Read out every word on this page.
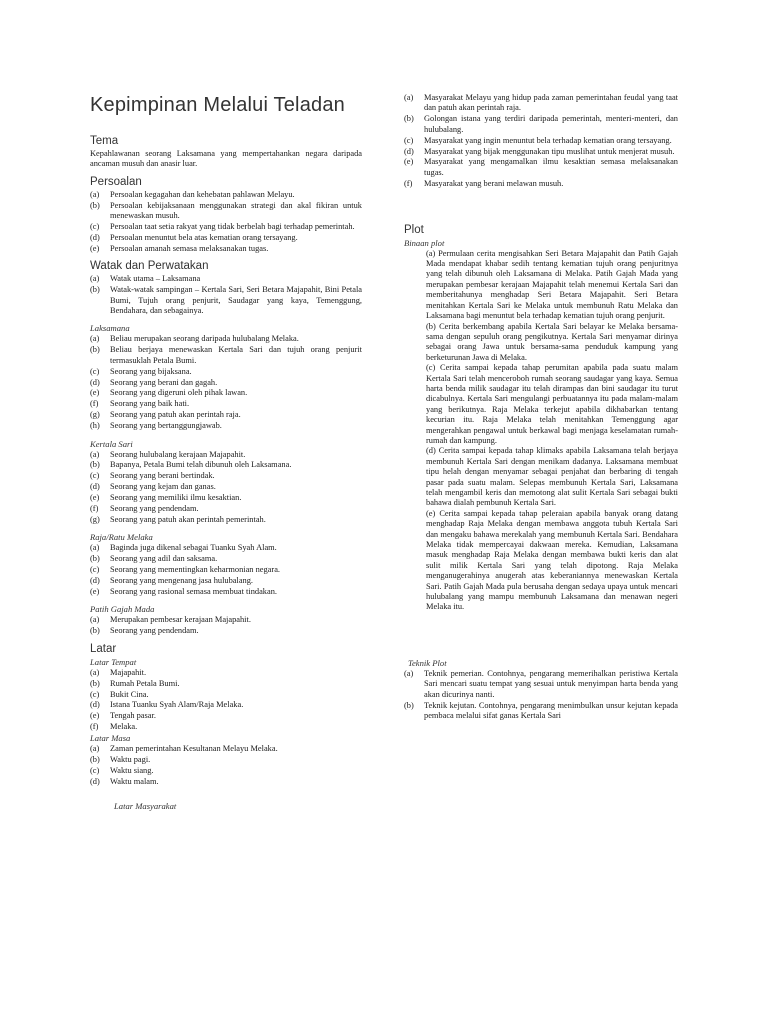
Kepimpinan Melalui Teladan
Tema

Kepahlawanan seorang Laksamana yang mempertahankan negara daripada ancaman musuh dan anasir luar.

Persoalan
(a) Persoalan kegagahan dan kehebatan pahlawan Melayu.
(b) Persoalan kebijaksanaan menggunakan strategi dan akal fikiran untuk menewaskan musuh.
(c) Persoalan taat setia rakyat yang tidak berbelah bagi terhadap pemerintah.
(d) Persoalan menuntut bela atas kematian orang tersayang.
(e) Persoalan amanah semasa melaksanakan tugas.
Watak dan Perwatakan
(a) Watak utama – Laksamana
(b) Watak-watak sampingan – Kertala Sari, Seri Betara Majapahit, Bini Petala Bumi, Tujuh orang penjurit, Saudagar yang kaya, Temenggung, Bendahara, dan sebagainya.
Laksamana
(a) Beliau merupakan seorang daripada hulubalang Melaka.
(b) Beliau berjaya menewaskan Kertala Sari dan tujuh orang penjurit termasuklah Petala Bumi.
(c) Seorang yang bijaksana.
(d) Seorang yang berani dan gagah.
(e) Seorang yang digeruni oleh pihak lawan.
(f) Seorang yang baik hati.
(g) Seorang yang patuh akan perintah raja.
(h) Seorang yang bertanggungjawab.
Kertala Sari
(a) Seorang hulubalang kerajaan Majapahit.
(b) Bapanya, Petala Bumi telah dibunuh oleh Laksamana.
(c) Seorang yang berani bertindak.
(d) Seorang yang kejam dan ganas.
(e) Seorang yang memiliki ilmu kesaktian.
(f) Seorang yang pendendam.
(g) Seorang yang patuh akan perintah pemerintah.
Raja/Ratu Melaka
(a) Baginda juga dikenal sebagai Tuanku Syah Alam.
(b) Seorang yang adil dan saksama.
(c) Seorang yang mementingkan keharmonian negara.
(d) Seorang yang mengenang jasa hulubalang.
(e) Seorang yang rasional semasa membuat tindakan.
Patih Gajah Mada
(a) Merupakan pembesar kerajaan Majapahit.
(b) Seorang yang pendendam.
Latar
Latar Tempat
(a) Majapahit.
(b) Rumah Petala Bumi.
(c) Bukit Cina.
(d) Istana Tuanku Syah Alam/Raja Melaka.
(e) Tengah pasar.
(f) Melaka.
Latar Masa
(a) Zaman pemerintahan Kesultanan Melayu Melaka.
(b) Waktu pagi.
(c) Waktu siang.
(d) Waktu malam.
Latar Masyarakat
(a) Masyarakat Melayu yang hidup pada zaman pemerintahan feudal yang taat dan patuh akan perintah raja.
(b) Golongan istana yang terdiri daripada pemerintah, menteri-menteri, dan hulubalang.
(c) Masyarakat yang ingin menuntut bela terhadap kematian orang tersayang.
(d) Masyarakat yang bijak menggunakan tipu muslihat untuk menjerat musuh.
(e) Masyarakat yang mengamalkan ilmu kesaktian semasa melaksanakan tugas.
(f) Masyarakat yang berani melawan musuh.
Plot
Binaan plot

(a) Permulaan cerita mengisahkan Seri Betara Majapahit dan Patih Gajah Mada mendapat khabar sedih tentang kematian tujuh orang penjuritnya yang telah dibunuh oleh Laksamana di Melaka. Patih Gajah Mada yang merupakan pembesar kerajaan Majapahit telah menemui Kertala Sari dan memberitahunya menghadap Seri Betara Majapahit. Seri Betara menitahkan Kertala Sari ke Melaka untuk membunuh Ratu Melaka dan Laksamana bagi menuntut bela terhadap kematian tujuh orang penjurit.

(b) Cerita berkembang apabila Kertala Sari belayar ke Melaka bersama-sama dengan sepuluh orang pengikutnya. Kertala Sari menyamar dirinya sebagai orang Jawa untuk bersama-sama penduduk kampung yang berketurunan Jawa di Melaka.

(c) Cerita sampai kepada tahap perumitan apabila pada suatu malam Kertala Sari telah menceroboh rumah seorang saudagar yang kaya. Semua harta benda milik saudagar itu telah dirampas dan bini saudagar itu turut dicabulnya. Kertala Sari mengulangi perbuatannya itu pada malam-malam yang berikutnya. Raja Melaka terkejut apabila dikhabarkan tentang kecurian itu. Raja Melaka telah menitahkan Temenggung agar mengerahkan pengawal untuk berkawal bagi menjaga keselamatan rumah-rumah dan kampung.

(d) Cerita sampai kepada tahap klimaks apabila Laksamana telah berjaya membunuh Kertala Sari dengan menikam dadanya. Laksamana membuat tipu helah dengan menyamar sebagai penjahat dan berbaring di tengah pasar pada suatu malam. Selepas membunuh Kertala Sari, Laksamana telah mengambil keris dan memotong alat sulit Kertala Sari sebagai bukti bahawa dialah pembunuh Kertala Sari.

(e) Cerita sampai kepada tahap peleraian apabila banyak orang datang menghadap Raja Melaka dengan membawa anggota tubuh Kertala Sari dan mengaku bahawa merekalah yang membunuh Kertala Sari. Bendahara Melaka tidak mempercayai dakwaan mereka. Kemudian, Laksamana masuk menghadap Raja Melaka dengan membawa bukti keris dan alat sulit milik Kertala Sari yang telah dipotong. Raja Melaka menganugerahinya anugerah atas keberaniannya menewaskan Kertala Sari. Patih Gajah Mada pula berusaha dengan sedaya upaya untuk mencari hulubalang yang mampu membunuh Laksamana dan menawan negeri Melaka itu.

Teknik Plot
(a) Teknik pemerian. Contohnya, pengarang memerihalkan peristiwa Kertala Sari mencari suatu tempat yang sesuai untuk menyimpan harta benda yang akan dicurinya nanti.
(b) Teknik kejutan. Contohnya, pengarang menimbulkan unsur kejutan kepada pembaca melalui sifat ganas Kertala Sari
